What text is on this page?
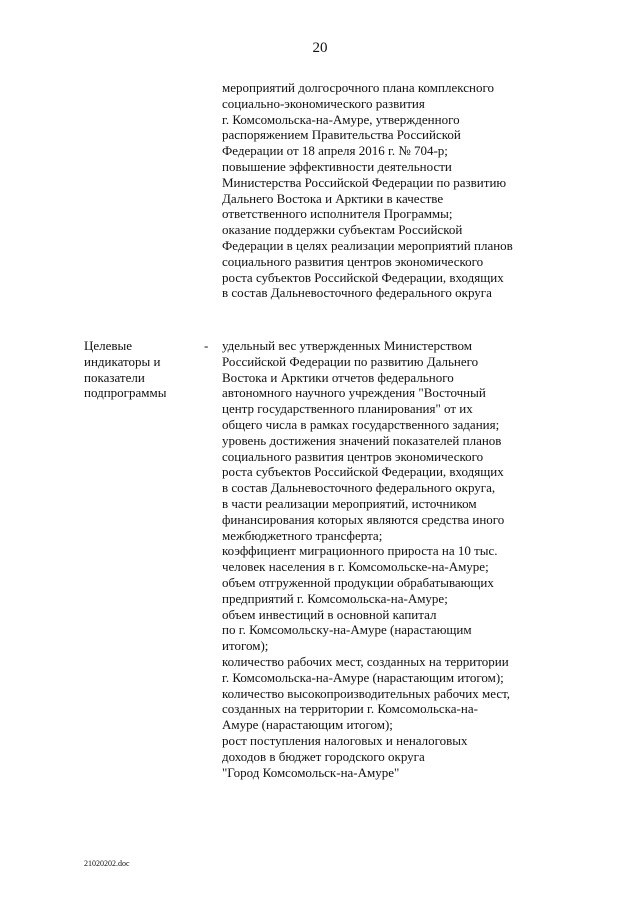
20
мероприятий долгосрочного плана комплексного
социально-экономического развития
г. Комсомольска-на-Амуре, утвержденного
распоряжением Правительства Российской
Федерации от 18 апреля 2016 г. № 704-р;
повышение эффективности деятельности
Министерства Российской Федерации по развитию
Дальнего Востока и Арктики в качестве
ответственного исполнителя Программы;
оказание поддержки субъектам Российской
Федерации в целях реализации мероприятий планов
социального развития центров экономического
роста субъектов Российской Федерации, входящих
в состав Дальневосточного федерального округа
Целевые
индикаторы и
показатели
подпрограммы
- удельный вес утвержденных Министерством
Российской Федерации по развитию Дальнего
Востока и Арктики отчетов федерального
автономного научного учреждения "Восточный
центр государственного планирования" от их
общего числа в рамках государственного задания;
уровень достижения значений показателей планов
социального развития центров экономического
роста субъектов Российской Федерации, входящих
в состав Дальневосточного федерального округа,
в части реализации мероприятий, источником
финансирования которых являются средства иного
межбюджетного трансферта;
коэффициент миграционного прироста на 10 тыс.
человек населения в г. Комсомольске-на-Амуре;
объем отгруженной продукции обрабатывающих
предприятий г. Комсомольска-на-Амуре;
объем инвестиций в основной капитал
по г. Комсомольску-на-Амуре (нарастающим
итогом);
количество рабочих мест, созданных на территории
г. Комсомольска-на-Амуре (нарастающим итогом);
количество высокопроизводительных рабочих мест,
созданных на территории г. Комсомольска-на-
Амуре (нарастающим итогом);
рост поступления налоговых и неналоговых
доходов в бюджет городского округа
"Город Комсомольск-на-Амуре"
21020202.doc
